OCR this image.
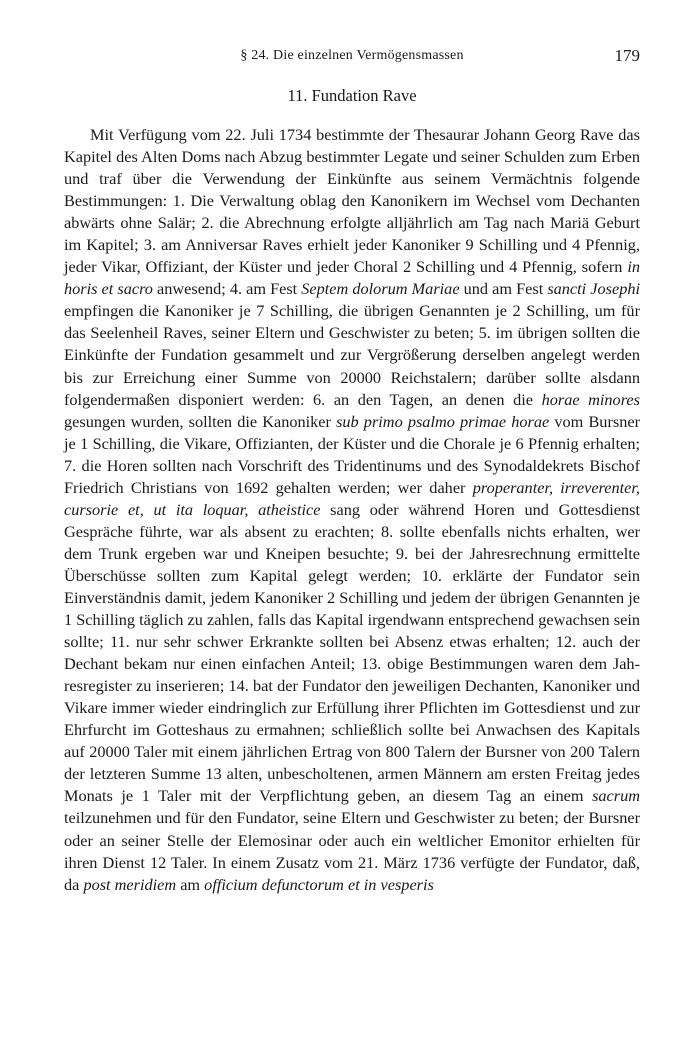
§ 24. Die einzelnen Vermögensmassen	179
11. Fundation Rave

Mit Verfügung vom 22. Juli 1734 bestimmte der Thesaurar Johann Georg Rave das Kapitel des Alten Doms nach Abzug bestimmter Legate und seiner Schulden zum Erben und traf über die Verwendung der Einkünfte aus seinem Vermächtnis folgende Bestimmungen: 1. Die Verwaltung oblag den Kanonikern im Wechsel vom Dechanten abwärts ohne Salär; 2. die Abrechnung erfolgte alljährlich am Tag nach Mariä Geburt im Kapitel; 3. am Anniversar Raves erhielt jeder Kanoniker 9 Schilling und 4 Pfennig, jeder Vikar, Offiziant, der Küster und jeder Choral 2 Schilling und 4 Pfennig, sofern in horis et sacro anwesend; 4. am Fest Septem dolorum Mariae und am Fest sancti Josephi empfingen die Kanoniker je 7 Schilling, die übrigen Genannten je 2 Schilling, um für das Seelenheil Raves, seiner Eltern und Geschwister zu beten; 5. im übrigen sollten die Einkünfte der Fundation gesammelt und zur Vergrößerung derselben angelegt werden bis zur Erreichung einer Summe von 20000 Reichstalern; darüber sollte alsdann folgendermaßen disponiert werden: 6. an den Tagen, an denen die horae minores gesungen wurden, sollten die Kanoniker sub primo psalmo primae horae vom Bursner je 1 Schilling, die Vikare, Offizianten, der Küster und die Chorale je 6 Pfennig erhalten; 7. die Horen sollten nach Vorschrift des Tridentinums und des Synodaldekrets Bischof Friedrich Christians von 1692 gehalten werden; wer daher properanter, irreverenter, cursorie et, ut ita loquar, atheistice sang oder während Horen und Gottesdienst Gespräche führte, war als absent zu erachten; 8. sollte ebenfalls nichts erhalten, wer dem Trunk ergeben war und Kneipen besuchte; 9. bei der Jahresrechnung ermittelte Überschüsse sollten zum Kapital gelegt werden; 10. erklärte der Fundator sein Einverständnis damit, jedem Kanoniker 2 Schilling und jedem der übrigen Genannten je 1 Schilling täglich zu zahlen, falls das Kapital irgendwann entsprechend gewachsen sein sollte; 11. nur sehr schwer Erkrankte sollten bei Absenz etwas erhalten; 12. auch der Dechant bekam nur einen einfachen Anteil; 13. obige Bestimmungen waren dem Jahresregister zu inserieren; 14. bat der Fundator den jeweiligen Dechanten, Kanoniker und Vikare immer wieder eindringlich zur Erfüllung ihrer Pflichten im Gottesdienst und zur Ehrfurcht im Gotteshaus zu ermahnen; schließlich sollte bei Anwachsen des Kapitals auf 20000 Taler mit einem jährlichen Ertrag von 800 Talern der Bursner von 200 Talern der letzteren Summe 13 alten, unbescholtenen, armen Männern am ersten Freitag jedes Monats je 1 Taler mit der Verpflichtung geben, an diesem Tag an einem sacrum teilzunehmen und für den Fundator, seine Eltern und Geschwister zu beten; der Bursner oder an seiner Stelle der Elemosinar oder auch ein weltlicher Emonitor erhielten für ihren Dienst 12 Taler. In einem Zusatz vom 21. März 1736 verfügte der Fundator, daß, da post meridiem am officium defunctorum et in vesperis
